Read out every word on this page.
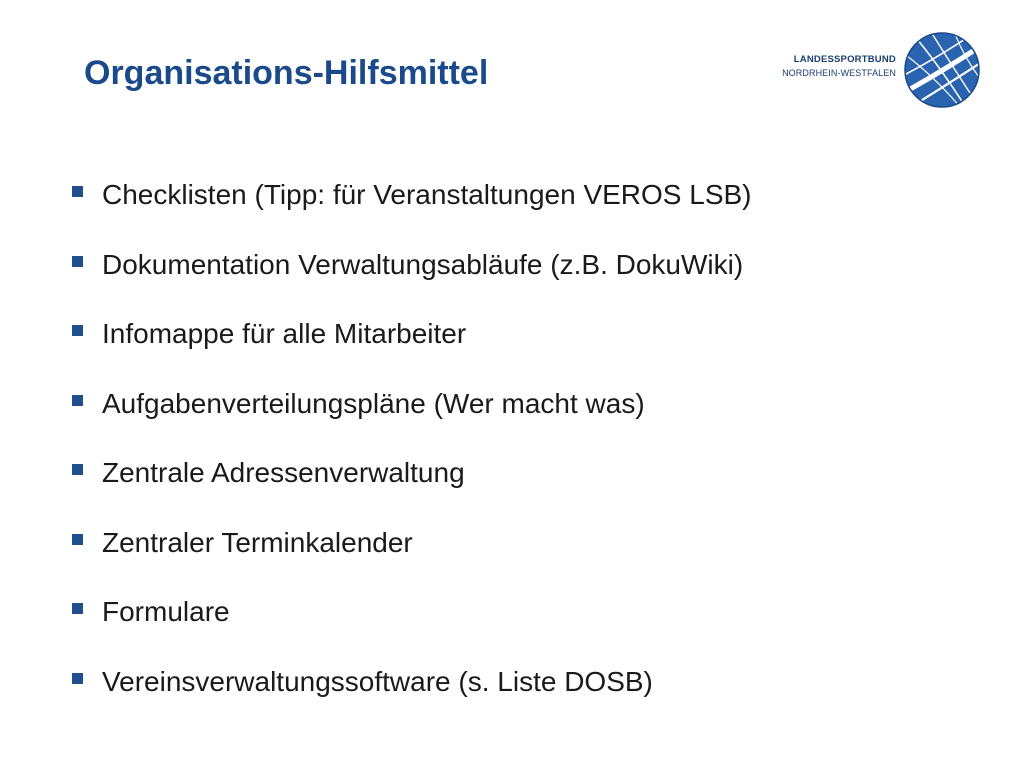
Organisations-Hilfsmittel	LANDESSPORTBUND
NORDRHEIN-WESTFALEN
Checklisten (Tipp: für Veranstaltungen VEROS LSB)
Dokumentation Verwaltungsabläufe (z.B. DokuWiki)
Infomappe für alle Mitarbeiter
Aufgabenverteilungspläne (Wer macht was)
Zentrale Adressenverwaltung
Zentraler Terminkalender
Formulare
Vereinsverwaltungssoftware (s. Liste DOSB)
